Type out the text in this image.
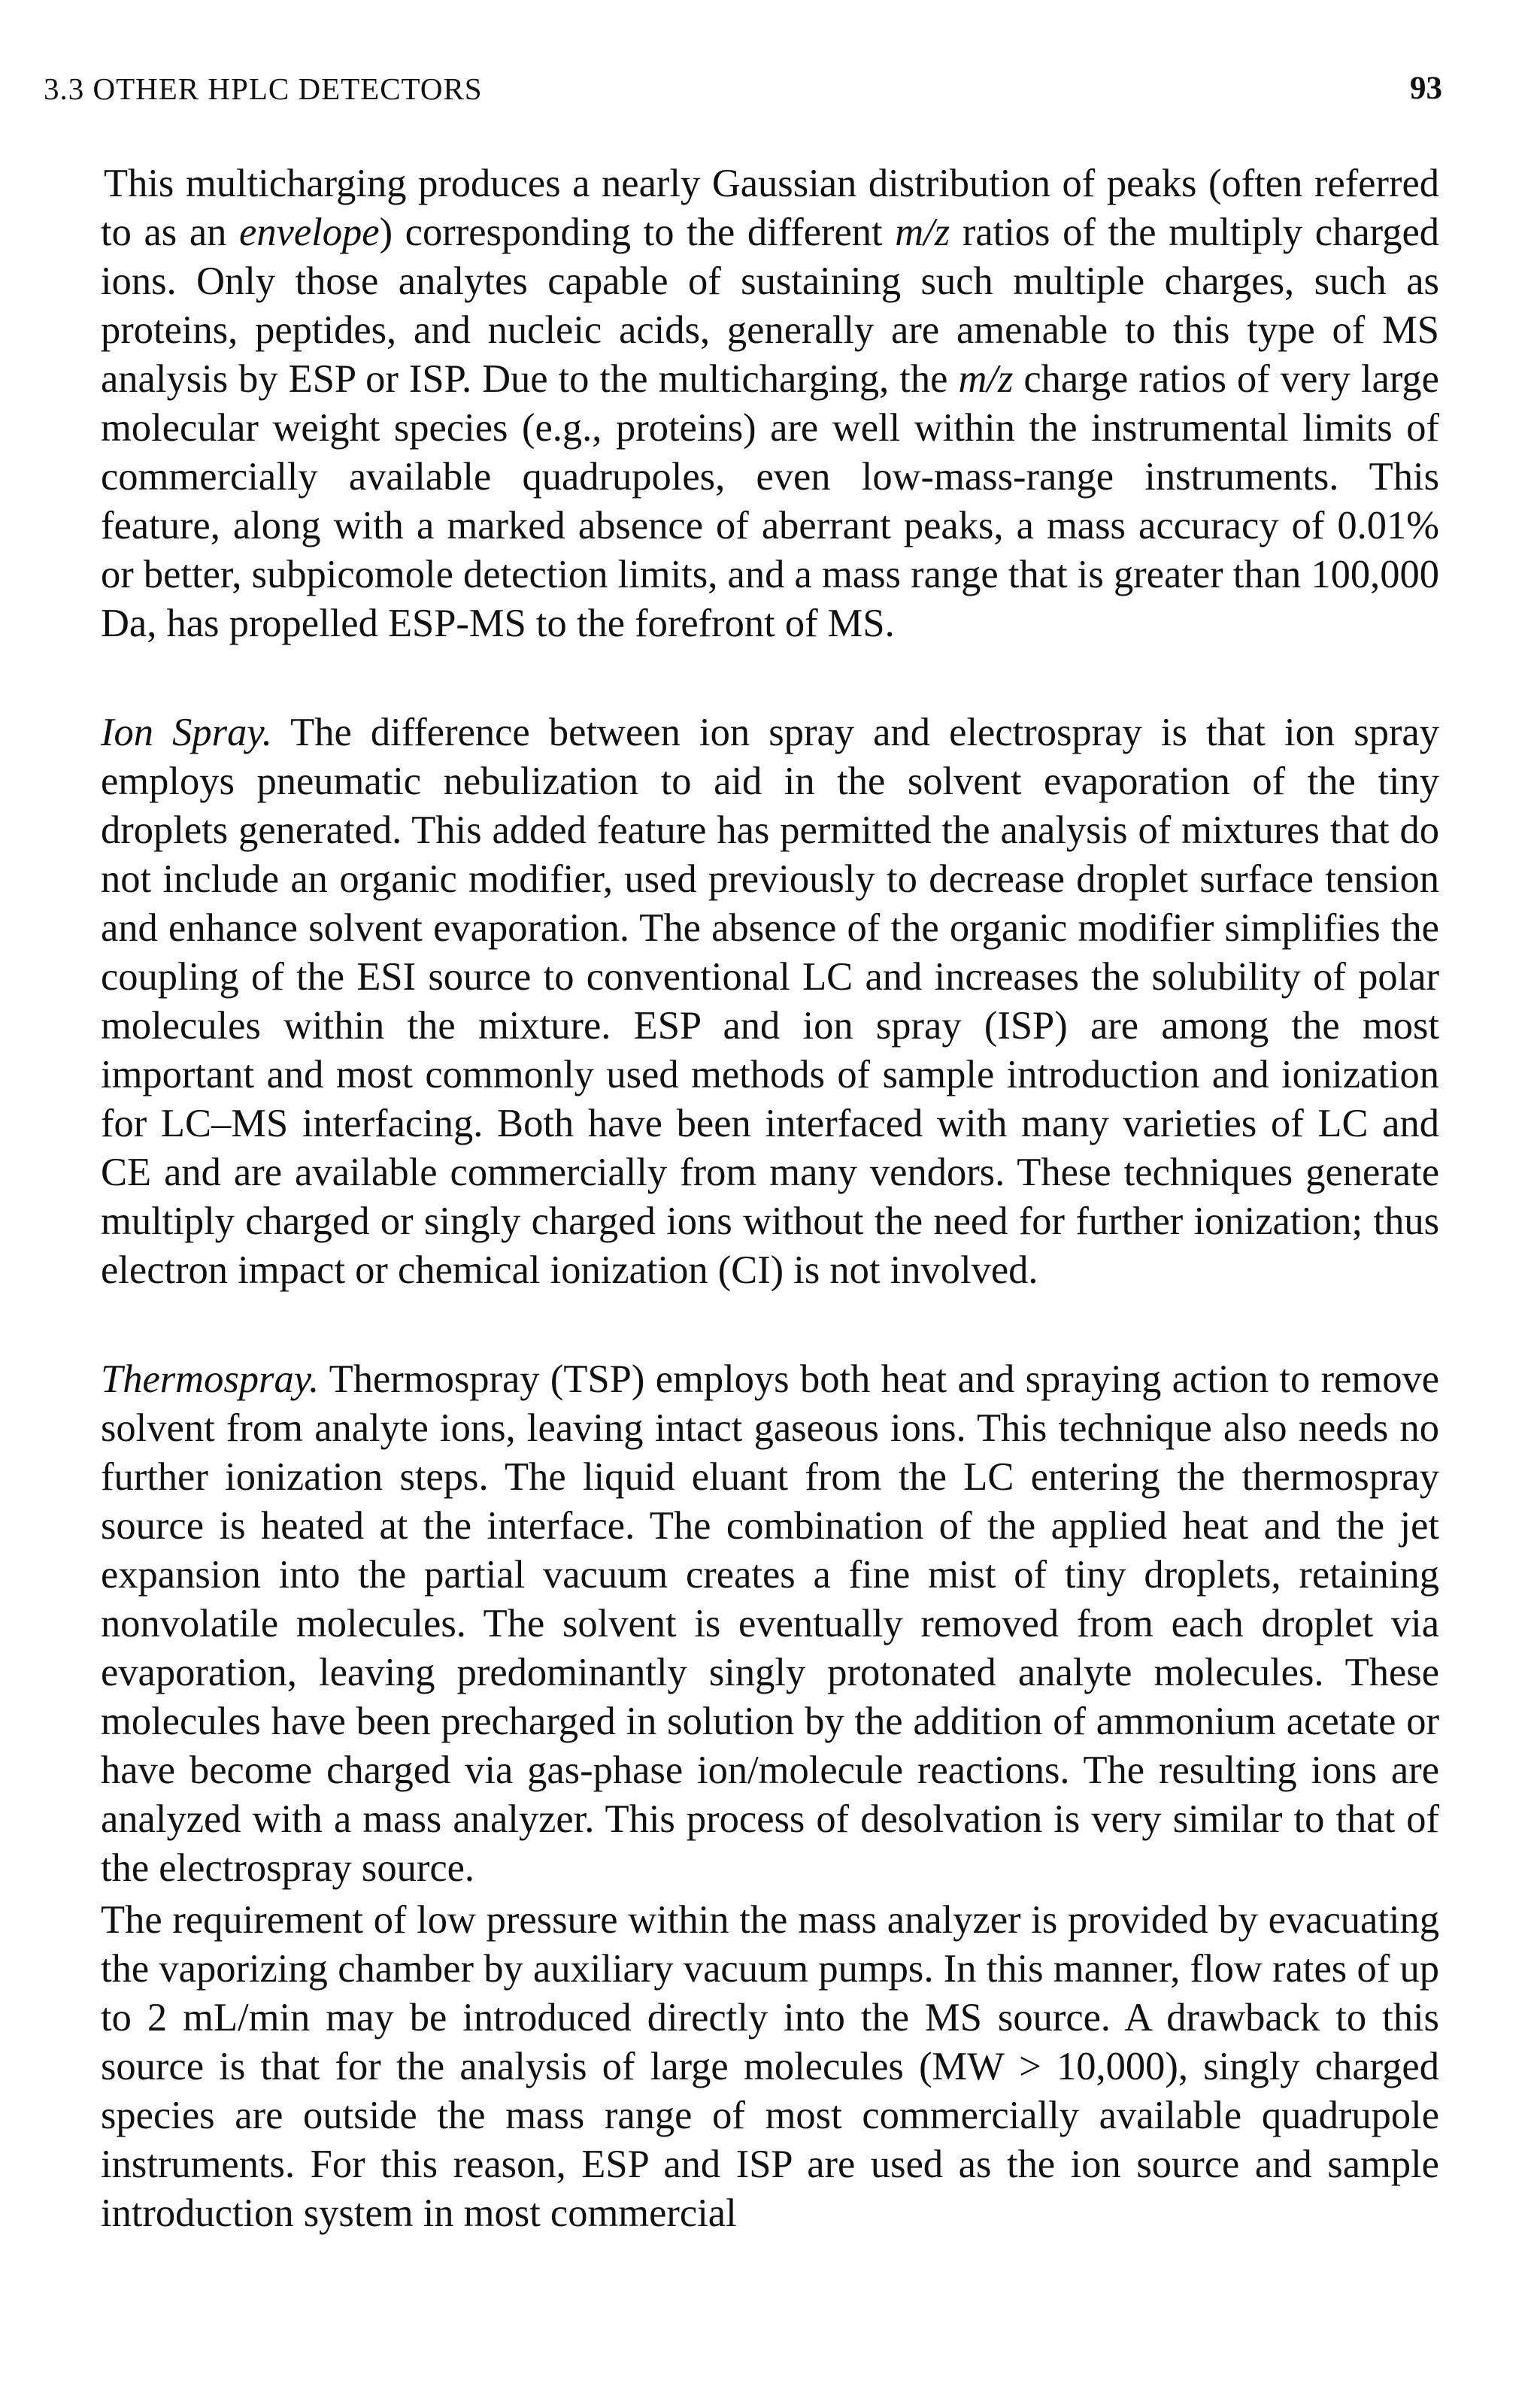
3.3 OTHER HPLC DETECTORS	93

This multicharging produces a nearly Gaussian distribution of peaks (often referred to as an envelope) corresponding to the different m/z ratios of the multiply charged ions. Only those analytes capable of sustaining such multiple charges, such as proteins, peptides, and nucleic acids, generally are amenable to this type of MS analysis by ESP or ISP. Due to the multicharging, the m/z charge ratios of very large molecular weight species (e.g., proteins) are well within the instrumental limits of commercially available quadrupoles, even low-mass-range instruments. This feature, along with a marked absence of aberrant peaks, a mass accuracy of 0.01% or better, subpicomole detection limits, and a mass range that is greater than 100,000 Da, has propelled ESP-MS to the forefront of MS.

Ion Spray. The difference between ion spray and electrospray is that ion spray employs pneumatic nebulization to aid in the solvent evaporation of the tiny droplets generated. This added feature has permitted the analysis of mixtures that do not include an organic modifier, used previously to decrease droplet surface tension and enhance solvent evaporation. The absence of the organic modifier simplifies the coupling of the ESI source to conventional LC and increases the solubility of polar molecules within the mixture. ESP and ion spray (ISP) are among the most important and most commonly used methods of sample introduction and ionization for LC–MS interfacing. Both have been interfaced with many varieties of LC and CE and are available commercially from many vendors. These techniques generate multiply charged or singly charged ions without the need for further ionization; thus electron impact or chemical ionization (CI) is not involved.

Thermospray. Thermospray (TSP) employs both heat and spraying action to remove solvent from analyte ions, leaving intact gaseous ions. This technique also needs no further ionization steps. The liquid eluant from the LC entering the thermospray source is heated at the interface. The combination of the applied heat and the jet expansion into the partial vacuum creates a fine mist of tiny droplets, retaining nonvolatile molecules. The solvent is eventually removed from each droplet via evaporation, leaving predominantly singly protonated analyte molecules. These molecules have been precharged in solution by the addition of ammonium acetate or have become charged via gas-phase ion/molecule reactions. The resulting ions are analyzed with a mass analyzer. This process of desolvation is very similar to that of the electrospray source.

The requirement of low pressure within the mass analyzer is provided by evacuating the vaporizing chamber by auxiliary vacuum pumps. In this manner, flow rates of up to 2 mL/min may be introduced directly into the MS source. A drawback to this source is that for the analysis of large molecules (MW > 10,000), singly charged species are outside the mass range of most commercially available quadrupole instruments. For this reason, ESP and ISP are used as the ion source and sample introduction system in most commercial
